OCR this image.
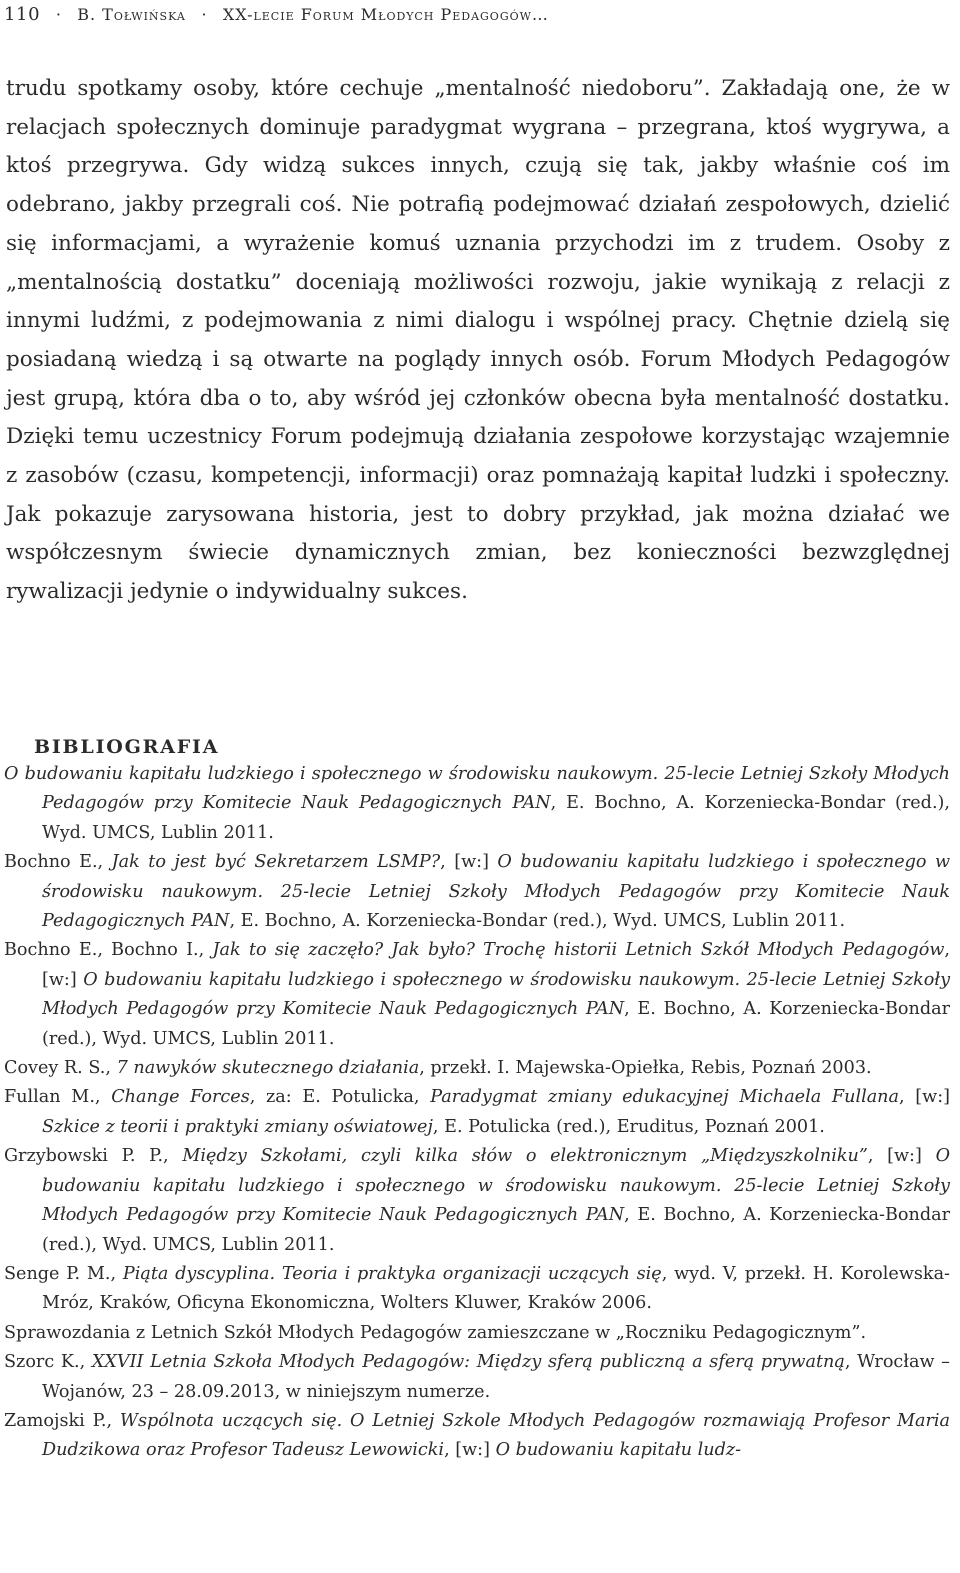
110 · B. Tołwińska · XX-lecie Forum Młodych Pedagogów…
trudu spotkamy osoby, które cechuje „mentalność niedoboru”. Zakładają one, że w relacjach społecznych dominuje paradygmat wygrana – przegrana, ktoś wygrywa, a ktoś przegrywa. Gdy widzą sukces innych, czują się tak, jakby właśnie coś im odebrano, jakby przegrali coś. Nie potrafią podejmować działań zespołowych, dzielić się informacjami, a wyrażenie komuś uznania przychodzi im z trudem. Osoby z „mentalnością dostatku” doceniają możliwości rozwoju, jakie wynikają z relacji z innymi ludźmi, z podejmowania z nimi dialogu i wspólnej pracy. Chętnie dzielą się posiadaną wiedzą i są otwarte na poglądy innych osób. Forum Młodych Pedagogów jest grupą, która dba o to, aby wśród jej członków obecna była mentalność dostatku. Dzięki temu uczestnicy Forum podejmują działania zespołowe korzystając wzajemnie z zasobów (czasu, kompetencji, informacji) oraz pomnażają kapitał ludzki i społeczny. Jak pokazuje zarysowana historia, jest to dobry przykład, jak można działać we współczesnym świecie dynamicznych zmian, bez konieczności bezwzględnej rywalizacji jedynie o indywidualny sukces.
BIBLIOGRAFIA
O budowaniu kapitału ludzkiego i społecznego w środowisku naukowym. 25-lecie Letniej Szkoły Młodych Pedagogów przy Komitecie Nauk Pedagogicznych PAN, E. Bochno, A. Korzeniecka-Bondar (red.), Wyd. UMCS, Lublin 2011.
Bochno E., Jak to jest być Sekretarzem LSMP?, [w:] O budowaniu kapitału ludzkiego i społecznego w środowisku naukowym. 25-lecie Letniej Szkoły Młodych Pedagogów przy Komitecie Nauk Pedagogicznych PAN, E. Bochno, A. Korzeniecka-Bondar (red.), Wyd. UMCS, Lublin 2011.
Bochno E., Bochno I., Jak to się zaczęło? Jak było? Trochę historii Letnich Szkół Młodych Pedagogów, [w:] O budowaniu kapitału ludzkiego i społecznego w środowisku naukowym. 25-lecie Letniej Szkoły Młodych Pedagogów przy Komitecie Nauk Pedagogicznych PAN, E. Bochno, A. Korzeniecka-Bondar (red.), Wyd. UMCS, Lublin 2011.
Covey R. S., 7 nawyków skutecznego działania, przekł. I. Majewska-Opiełka, Rebis, Poznań 2003.
Fullan M., Change Forces, za: E. Potulicka, Paradygmat zmiany edukacyjnej Michaela Fullana, [w:] Szkice z teorii i praktyki zmiany oświatowej, E. Potulicka (red.), Eruditus, Poznań 2001.
Grzybowski P. P., Między Szkołami, czyli kilka słów o elektronicznym „Międzyszkolniku”, [w:] O budowaniu kapitału ludzkiego i społecznego w środowisku naukowym. 25-lecie Letniej Szkoły Młodych Pedagogów przy Komitecie Nauk Pedagogicznych PAN, E. Bochno, A. Korzeniecka-Bondar (red.), Wyd. UMCS, Lublin 2011.
Senge P. M., Piąta dyscyplina. Teoria i praktyka organizacji uczących się, wyd. V, przekł. H. Korolewska-Mróz, Kraków, Oficyna Ekonomiczna, Wolters Kluwer, Kraków 2006.
Sprawozdania z Letnich Szkół Młodych Pedagogów zamieszczane w „Roczniku Pedagogicznym”.
Szorc K., XXVII Letnia Szkoła Młodych Pedagogów: Między sferą publiczną a sferą prywatną, Wrocław – Wojanów, 23 – 28.09.2013, w niniejszym numerze.
Zamojski P., Wspólnota uczących się. O Letniej Szkole Młodych Pedagogów rozmawiają Profesor Maria Dudzikowa oraz Profesor Tadeusz Lewowicki, [w:] O budowaniu kapitału ludz-
